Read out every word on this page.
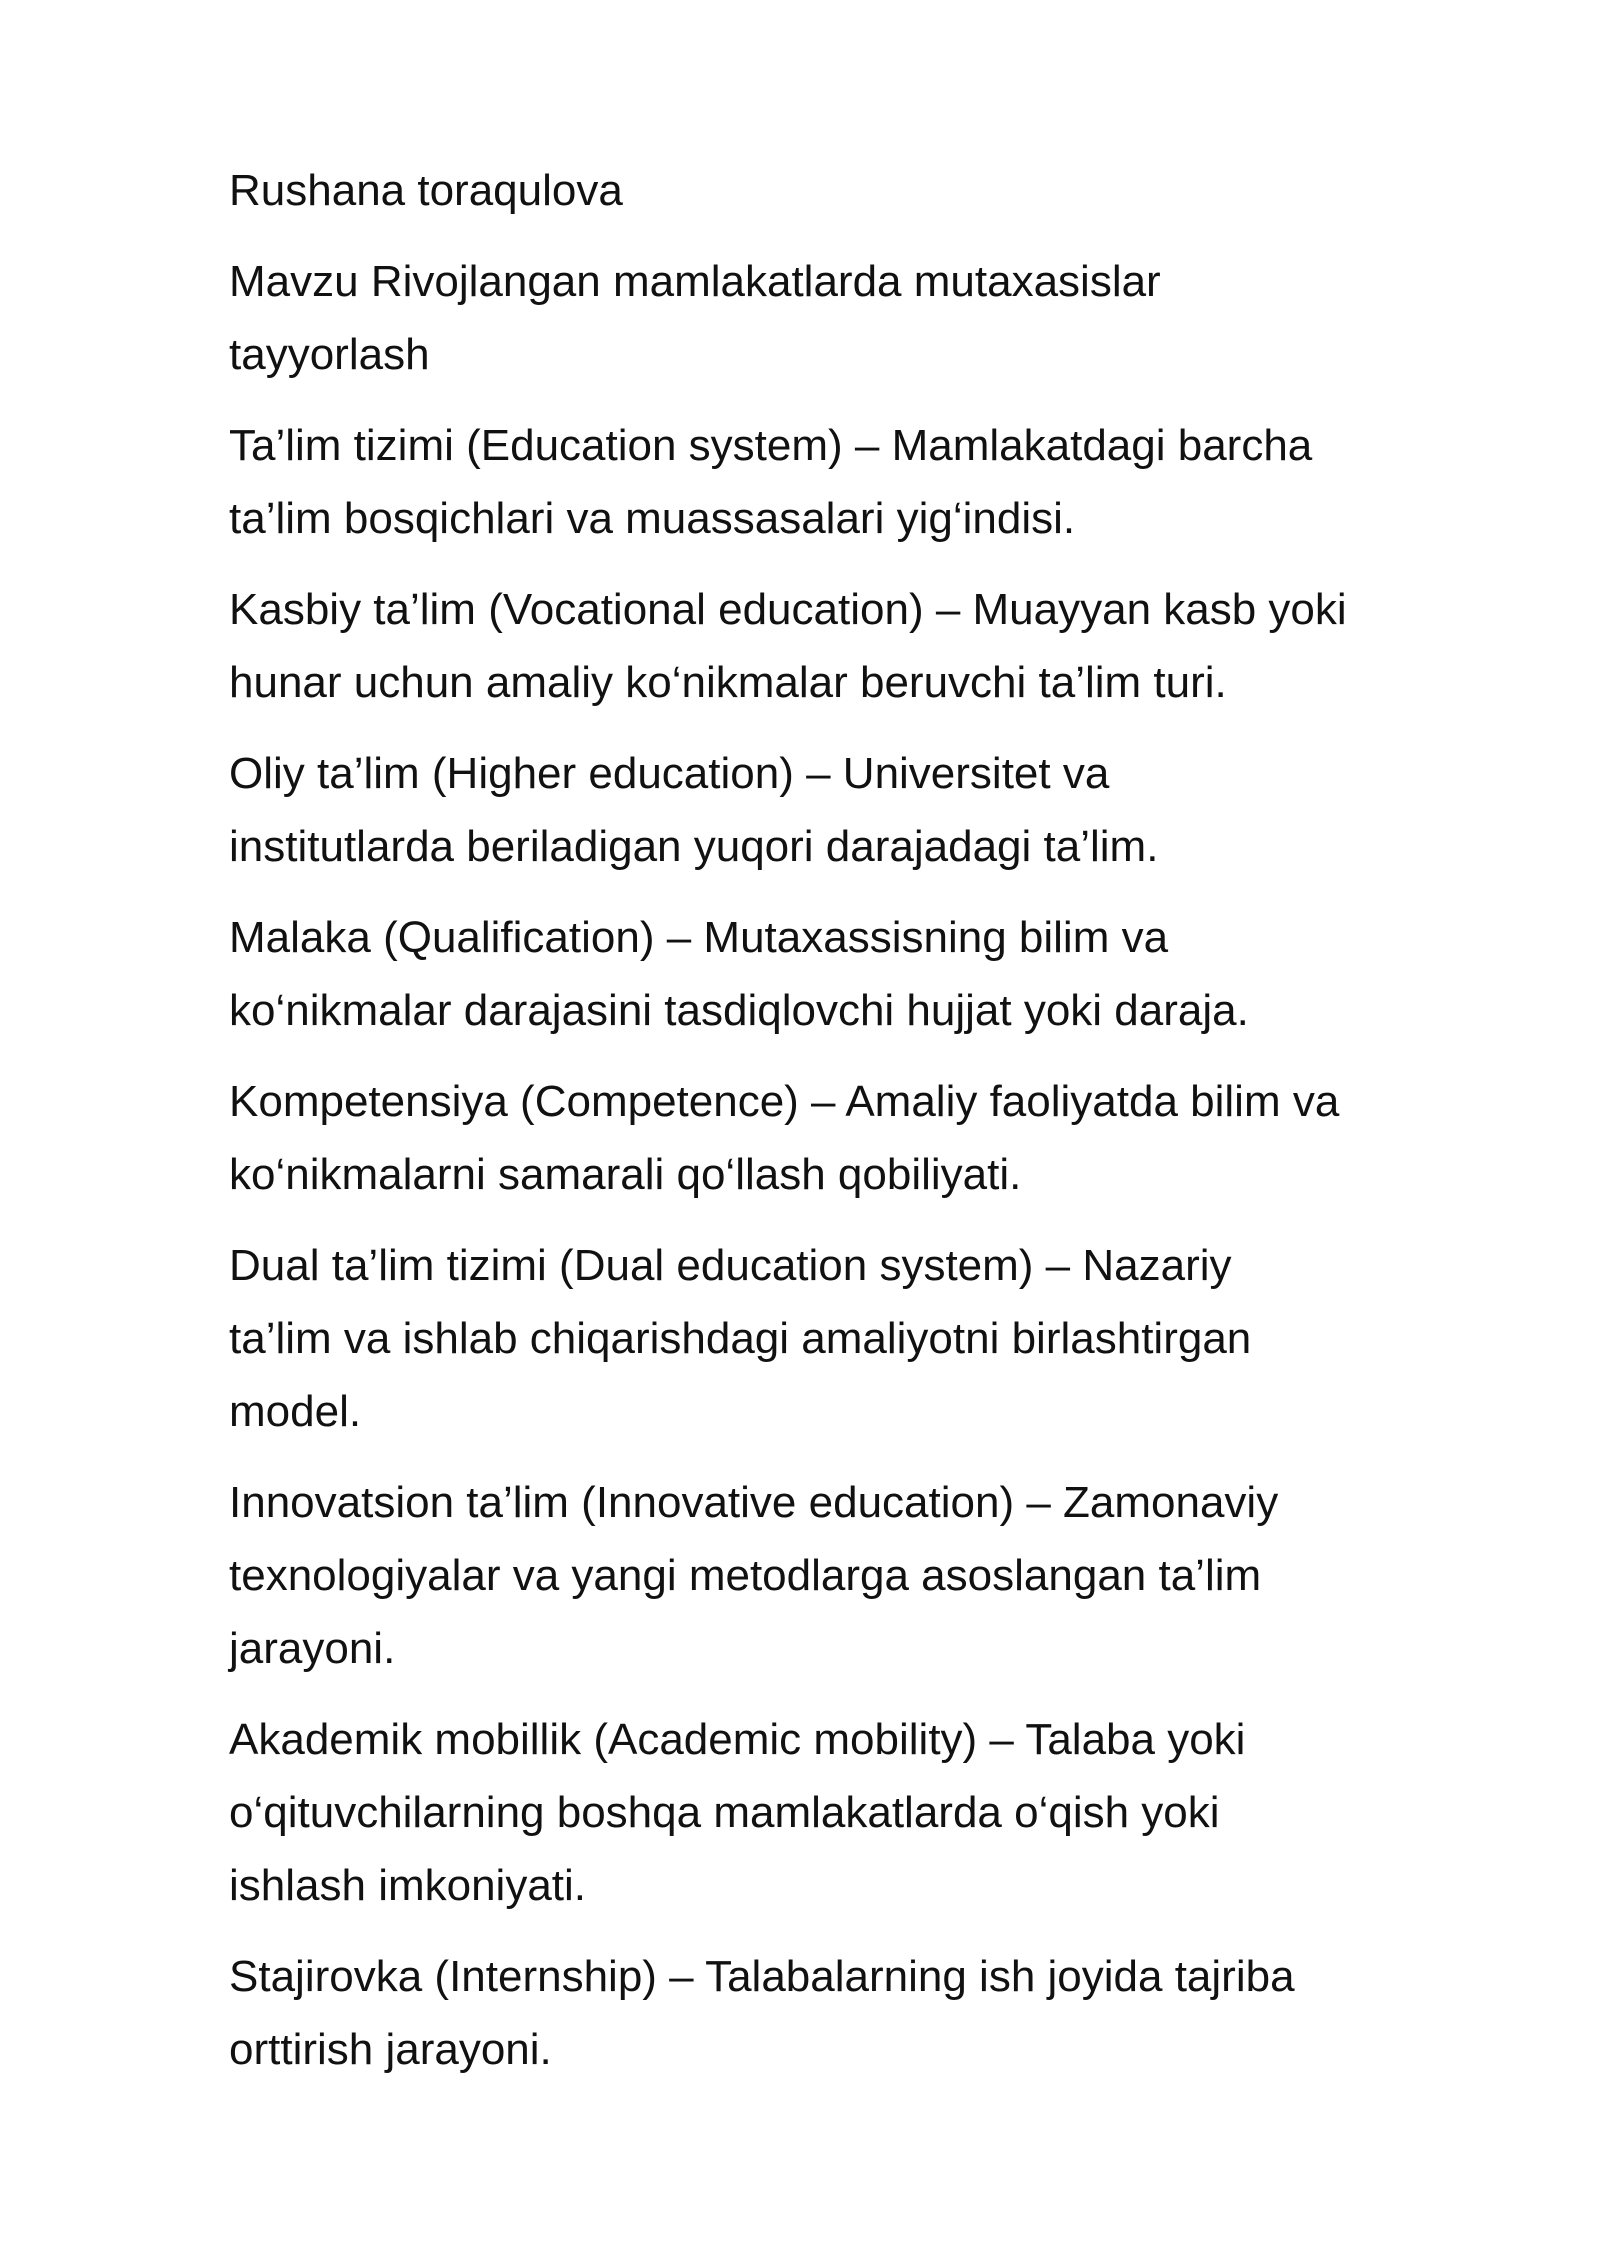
Rushana toraqulova

Mavzu Rivojlangan mamlakatlarda mutaxasislar
tayyorlash

Ta’lim tizimi (Education system) – Mamlakatdagi barcha
ta’lim bosqichlari va muassasalari yig‘indisi.

Kasbiy ta’lim (Vocational education) – Muayyan kasb yoki
hunar uchun amaliy ko‘nikmalar beruvchi ta’lim turi.

Oliy ta’lim (Higher education) – Universitet va
institutlarda beriladigan yuqori darajadagi ta’lim.

Malaka (Qualification) – Mutaxassisning bilim va
ko‘nikmalar darajasini tasdiqlovchi hujjat yoki daraja.

Kompetensiya (Competence) – Amaliy faoliyatda bilim va
ko‘nikmalarni samarali qo‘llash qobiliyati.

Dual ta’lim tizimi (Dual education system) – Nazariy
ta’lim va ishlab chiqarishdagi amaliyotni birlashtirgan
model.

Innovatsion ta’lim (Innovative education) – Zamonaviy
texnologiyalar va yangi metodlarga asoslangan ta’lim
jarayoni.

Akademik mobillik (Academic mobility) – Talaba yoki
o‘qituvchilarning boshqa mamlakatlarda o‘qish yoki
ishlash imkoniyati.

Stajirovka (Internship) – Talabalarning ish joyida tajriba
orttirish jarayoni.
